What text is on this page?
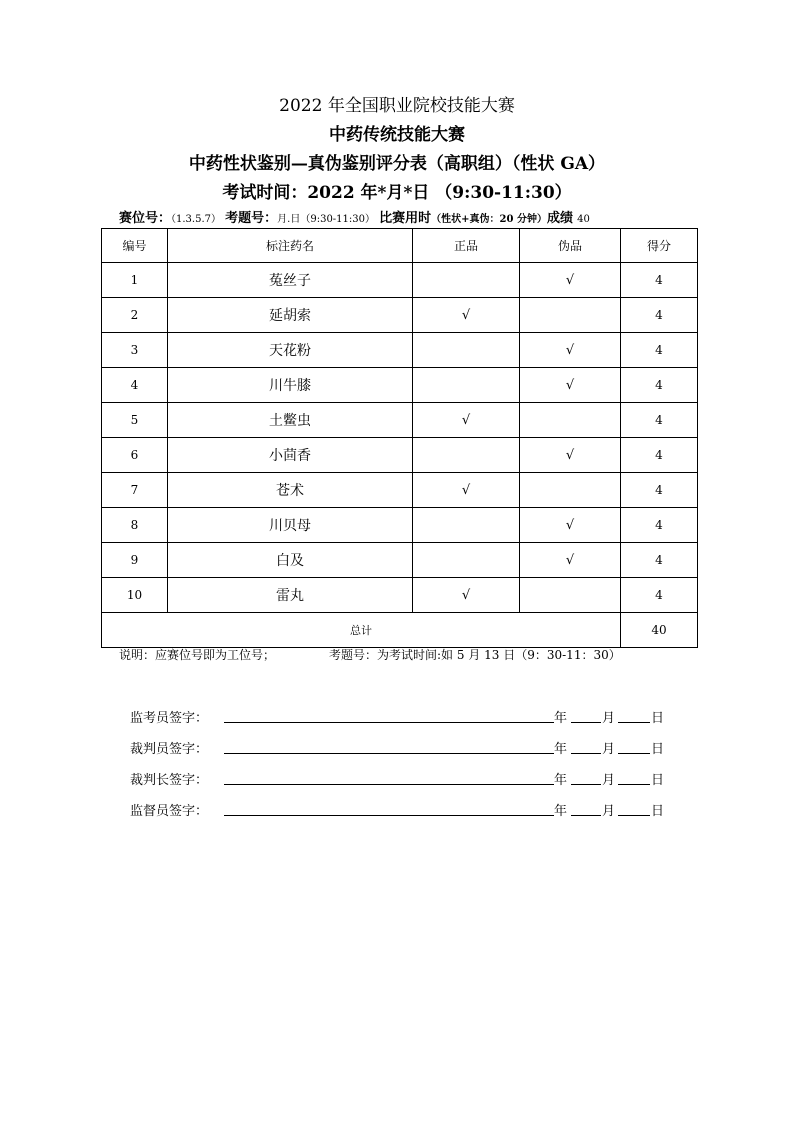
2022 年全国职业院校技能大赛
中药传统技能大赛
中药性状鉴别—真伪鉴别评分表（高职组）（性状 GA）
考试时间：2022 年*月*日 （9:30-11:30）
赛位号：（1.3.5.7） 考题号：月.日（9:30-11:30） 比赛用时（性状+真伪：20 分钟）成绩 40
编号	标注药名	正品	伪品	得分
1	菟丝子		√	4
2	延胡索	√		4
3	天花粉		√	4
4	川牛膝		√	4
5	土鳖虫	√		4
6	小茴香		√	4
7	苍术	√		4
8	川贝母		√	4
9	白及		√	4
10	雷丸	√		4
总计				40
说明：应赛位号即为工位号；	考题号：为考试时间:如 5 月 13 日（9：30-11：30）
监考员签字：	年	月	日
裁判员签字：	年	月	日
裁判长签字：	年	月	日
监督员签字：	年	月	日
